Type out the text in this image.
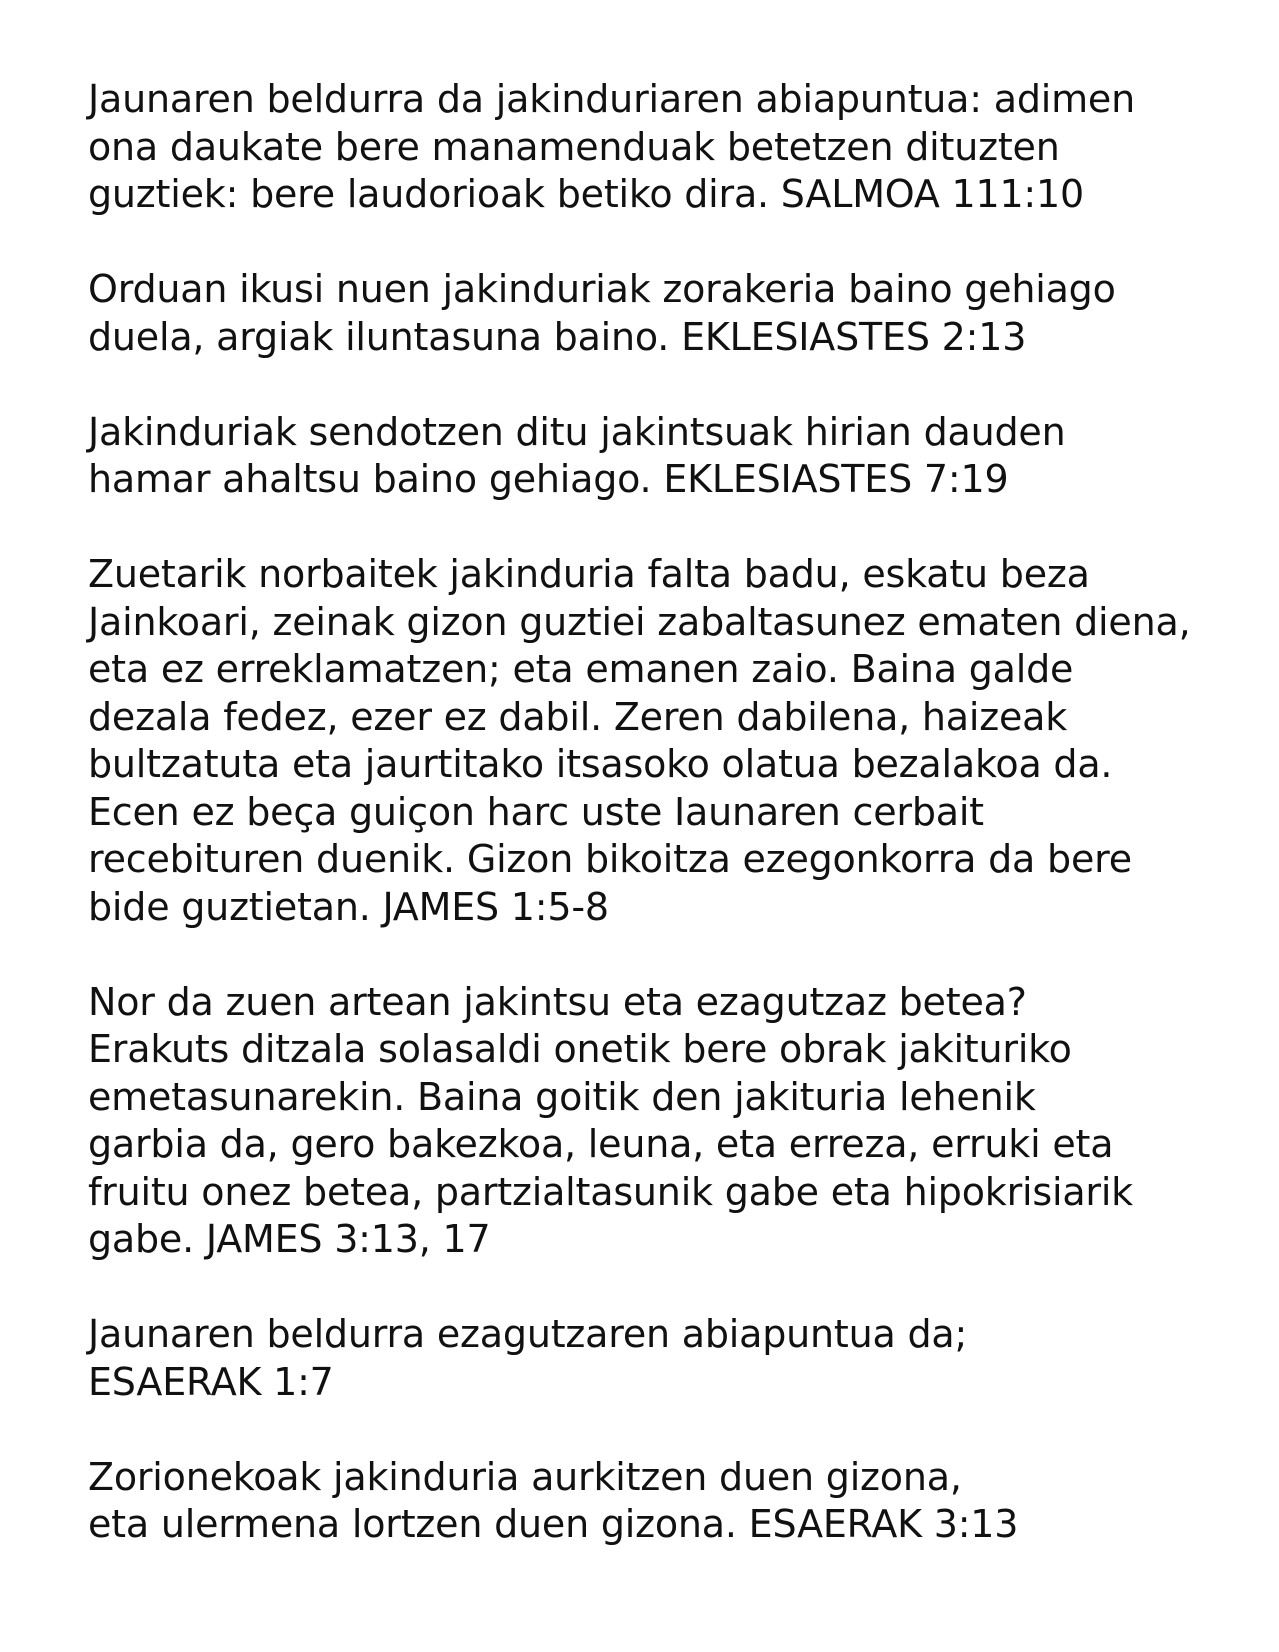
Jaunaren beldurra da jakinduriaren abiapuntua: adimen
ona daukate bere manamenduak betetzen dituzten
guztiek: bere laudorioak betiko dira. SALMOA 111:10
Orduan ikusi nuen jakinduriak zorakeria baino gehiago
duela, argiak iluntasuna baino. EKLESIASTES 2:13
Jakinduriak sendotzen ditu jakintsuak hirian dauden
hamar ahaltsu baino gehiago. EKLESIASTES 7:19
Zuetarik norbaitek jakinduria falta badu, eskatu beza
Jainkoari, zeinak gizon guztiei zabaltasunez ematen diena,
eta ez erreklamatzen; eta emanen zaio. Baina galde
dezala fedez, ezer ez dabil. Zeren dabilena, haizeak
bultzatuta eta jaurtitako itsasoko olatua bezalakoa da.
Ecen ez beça guiçon harc uste Iaunaren cerbait
recebituren duenik. Gizon bikoitza ezegonkorra da bere
bide guztietan. JAMES 1:5-8
Nor da zuen artean jakintsu eta ezagutzaz betea?
Erakuts ditzala solasaldi onetik bere obrak jakituriko
emetasunarekin. Baina goitik den jakituria lehenik
garbia da, gero bakezkoa, leuna, eta erreza, erruki eta
fruitu onez betea, partzialtasunik gabe eta hipokrisiarik
gabe. JAMES 3:13, 17
Jaunaren beldurra ezagutzaren abiapuntua da;
ESAERAK 1:7
Zorionekoak jakinduria aurkitzen duen gizona,
eta ulermena lortzen duen gizona. ESAERAK 3:13
